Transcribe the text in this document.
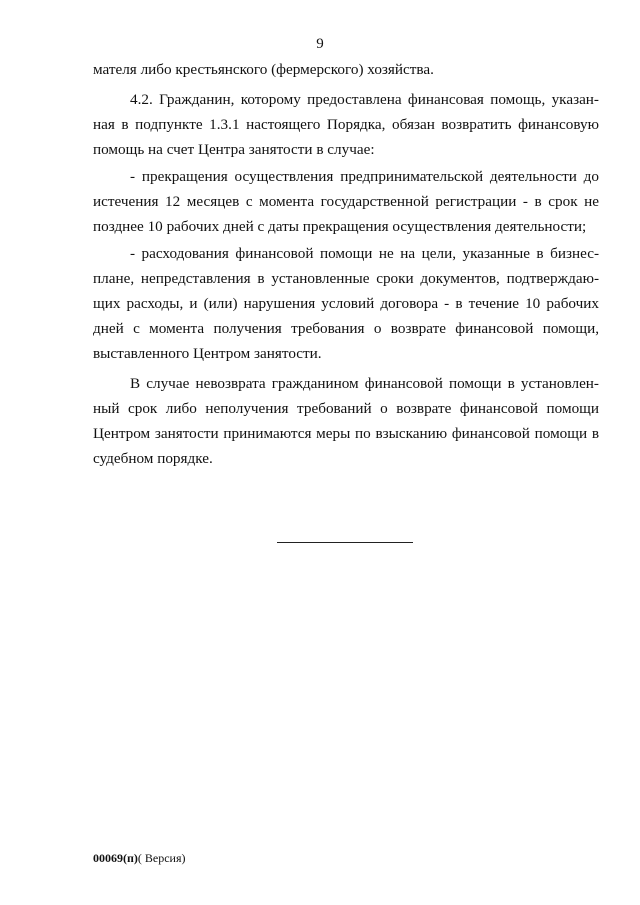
9
мателя либо крестьянского (фермерского) хозяйства.
4.2. Гражданин, которому предоставлена финансовая помощь, указан-
ная в подпункте 1.3.1 настоящего Порядка, обязан возвратить финансовую
помощь на счет Центра занятости в случае:
- прекращения осуществления предпринимательской деятельности до
истечения 12 месяцев с момента государственной регистрации - в срок не
позднее 10 рабочих дней с даты прекращения осуществления деятельности;
- расходования финансовой помощи не на цели, указанные в бизнес-
плане, непредставления в установленные сроки документов, подтверждаю-
щих расходы, и (или) нарушения условий договора - в течение 10 рабочих
дней с момента получения требования о возврате финансовой помощи,
выставленного Центром занятости.
В случае невозврата гражданином финансовой помощи в установлен-
ный срок либо неполучения требований о возврате финансовой помощи
Центром занятости принимаются меры по взысканию финансовой помощи в
судебном порядке.
00069(п)( Версия)
